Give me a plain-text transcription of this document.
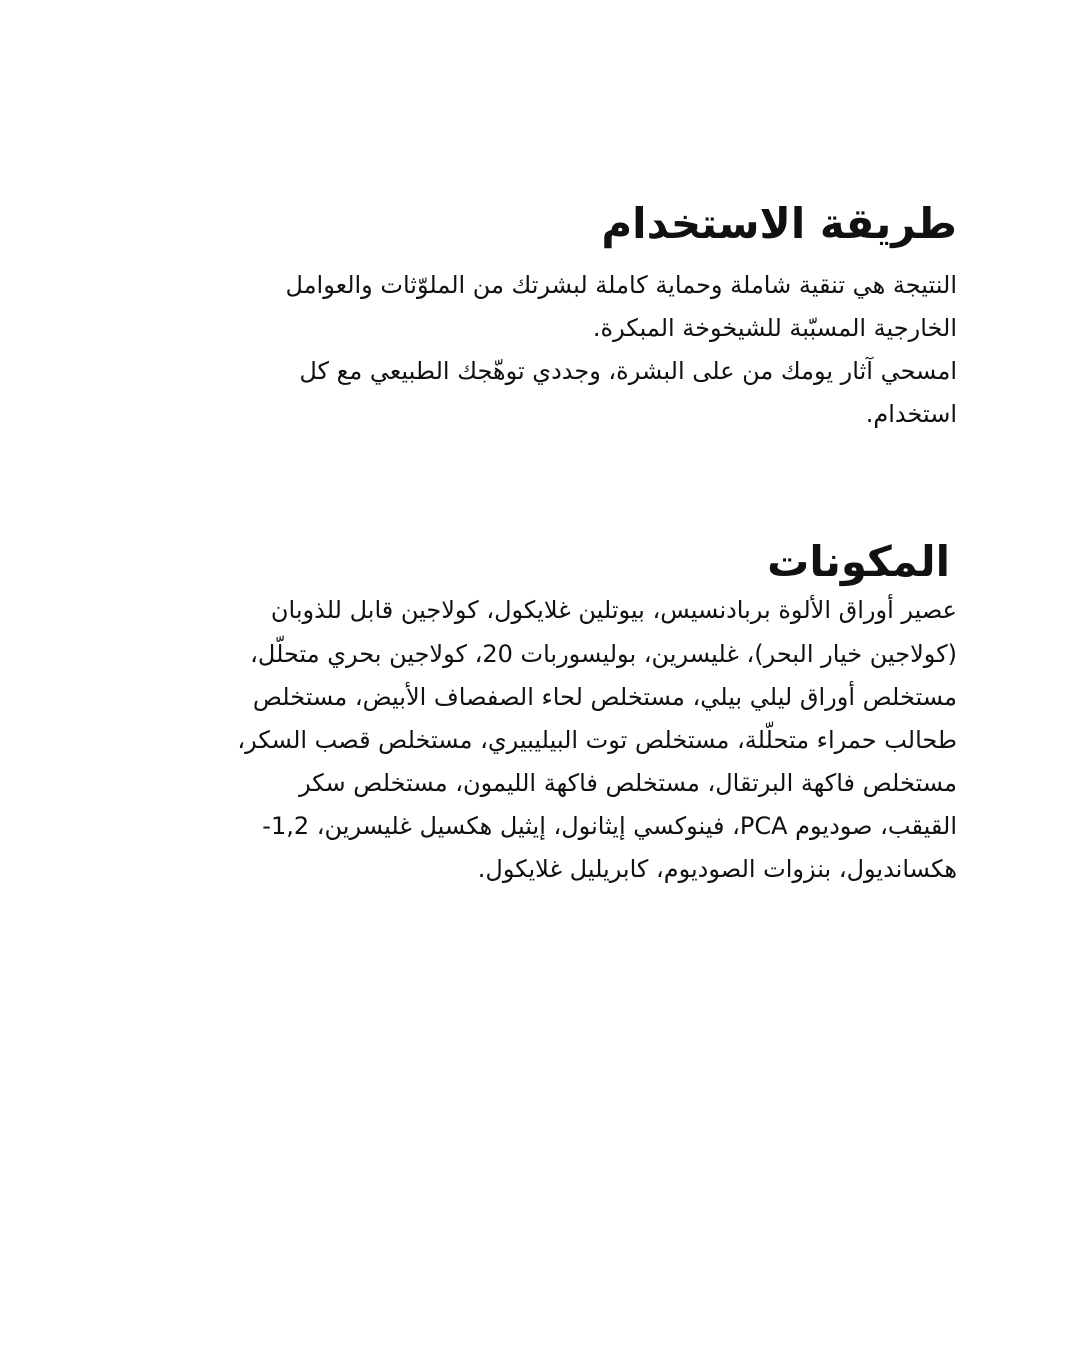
طريقة الاستخدام

النتيجة هي تنقية شاملة وحماية كاملة لبشرتك من الملوّثات والعوامل

الخارجية المسبّبة للشيخوخة المبكرة.

امسحي آثار يومك من على البشرة، وجددي توهّجك الطبيعي مع كل

استخدام.

المكونات

عصير أوراق الألوة بربادنسيس، بيوتلين غلايكول، كولاجين قابل للذوبان

(كولاجين خيار البحر)، غليسرين، بوليسوربات 20، كولاجين بحري متحلّل،

مستخلص أوراق ليلي بيلي، مستخلص لحاء الصفصاف الأبيض، مستخلص

طحالب حمراء متحلّلة، مستخلص توت البيليبيري، مستخلص قصب السكر،

مستخلص فاكهة البرتقال، مستخلص فاكهة الليمون، مستخلص سكر

القيقب، صوديوم PCA، فينوكسي إيثانول، إيثيل هكسيل غليسرين، 1,2-

هكسانديول، بنزوات الصوديوم، كابريليل غلايكول.
